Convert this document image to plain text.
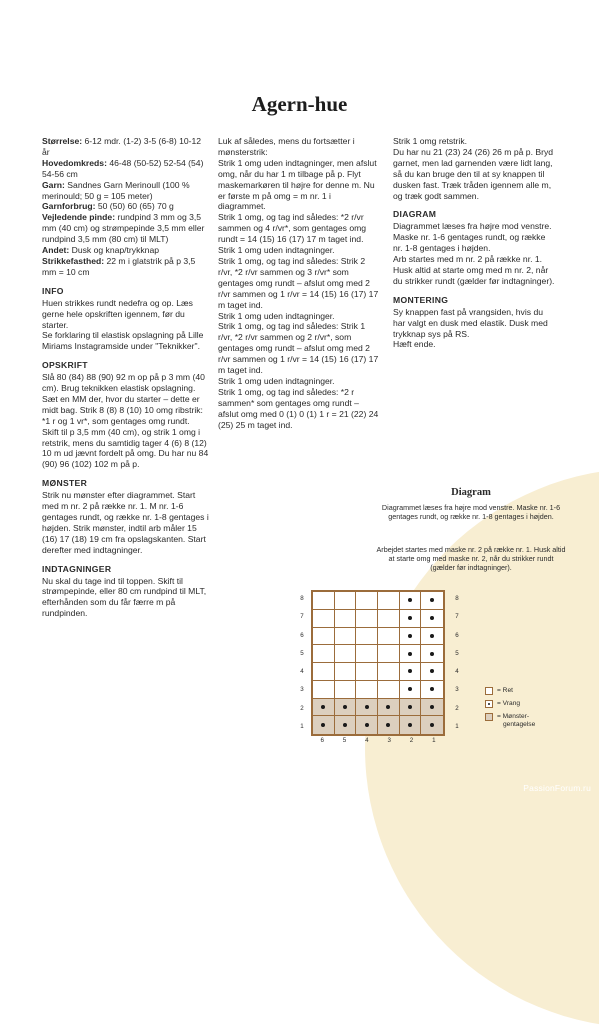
Agern-hue

Størrelse: 6-12 mdr. (1-2) 3-5 (6-8) 10-12 år

Hovedomkreds: 46-48 (50-52) 52-54 (54) 54-56 cm

Garn: Sandnes Garn Merinoull (100 % merinould; 50 g = 105 meter)

Garnforbrug: 50 (50) 60 (65) 70 g

Vejledende pinde: rundpind 3 mm og 3,5 mm (40 cm) og strømpepinde 3,5 mm eller rundpind 3,5 mm (80 cm) til MLT)

Andet: Dusk og knap/trykknap

Strikkefasthed: 22 m i glatstrik på p 3,5 mm = 10 cm

INFO

Huen strikkes rundt nedefra og op. Læs gerne hele opskriften igennem, før du starter.

Se forklaring til elastisk opslagning på Lille Miriams Instagramside under "Teknikker".

OPSKRIFT

Slå 80 (84) 88 (90) 92 m op på p 3 mm (40 cm). Brug teknikken elastisk opslagning. Sæt en MM der, hvor du starter – dette er midt bag. Strik 8 (8) 8 (10) 10 omg ribstrik: *1 r og 1 vr*, som gentages omg rundt.

Skift til p 3,5 mm (40 cm), og strik 1 omg i retstrik, mens du samtidig tager 4 (6) 8 (12) 10 m ud jævnt fordelt på omg. Du har nu 84 (90) 96 (102) 102 m på p.

MØNSTER

Strik nu mønster efter diagrammet. Start med m nr. 2 på række nr. 1. M nr. 1-6 gentages rundt, og række nr. 1-8 gentages i højden. Strik mønster, indtil arb måler 15 (16) 17 (18) 19 cm fra opslagskanten. Start derefter med indtagninger.

INDTAGNINGER

Nu skal du tage ind til toppen. Skift til strømpepinde, eller 80 cm rundpind til MLT, efterhånden som du får færre m på rundpinden.

Luk af således, mens du fortsætter i mønsterstrik:

Strik 1 omg uden indtagninger, men afslut omg, når du har 1 m tilbage på p. Flyt maskemarkøren til højre for denne m. Nu er første m på omg = m nr. 1 i diagrammet.

Strik 1 omg, og tag ind således: *2 r/vr sammen og 4 r/vr*, som gentages omg rundt = 14 (15) 16 (17) 17 m taget ind.

Strik 1 omg uden indtagninger.

Strik 1 omg, og tag ind således: Strik 2 r/vr, *2 r/vr sammen og 3 r/vr* som gentages omg rundt – afslut omg med 2 r/vr sammen og 1 r/vr = 14 (15) 16 (17) 17 m taget ind.

Strik 1 omg uden indtagninger.

Strik 1 omg, og tag ind således: Strik 1 r/vr, *2 r/vr sammen og 2 r/vr*, som gentages omg rundt – afslut omg med 2 r/vr sammen og 1 r/vr = 14 (15) 16 (17) 17 m taget ind.

Strik 1 omg uden indtagninger.

Strik 1 omg, og tag ind således: *2 r sammen* som gentages omg rundt – afslut omg med 0 (1) 0 (1) 1 r = 21 (22) 24 (25) 25 m taget ind.

Strik 1 omg retstrik.

Du har nu 21 (23) 24 (26) 26 m på p. Bryd garnet, men lad garnenden være lidt lang, så du kan bruge den til at sy knappen til dusken fast. Træk tråden igennem alle m, og træk godt sammen.

DIAGRAM

Diagrammet læses fra højre mod venstre.

Maske nr. 1-6 gentages rundt, og række nr. 1-8 gentages i højden.

Arb startes med m nr. 2 på række nr. 1. Husk altid at starte omg med m nr. 2, når du strikker rundt (gælder før indtagninger).

MONTERING

Sy knappen fast på vrangsiden, hvis du har valgt en dusk med elastik. Dusk med trykknap sys på RS.

Hæft ende.

Diagram
Diagrammet læses fra højre mod venstre. Maske nr. 1-6 gentages rundt, og række nr. 1-8 gentages i højden.
Arbejdet startes med maske nr. 2 på række nr. 1. Husk altid at starte omg med maske nr. 2, når du strikker rundt (gælder før indtagninger).
8
7
6
5
4
3
2
1
8
7
6
5
4
3
2
1
6	5	4	3	2	1
= Ret
= Vrang
= Mønster-
gentagelse
PassionForum.ru
